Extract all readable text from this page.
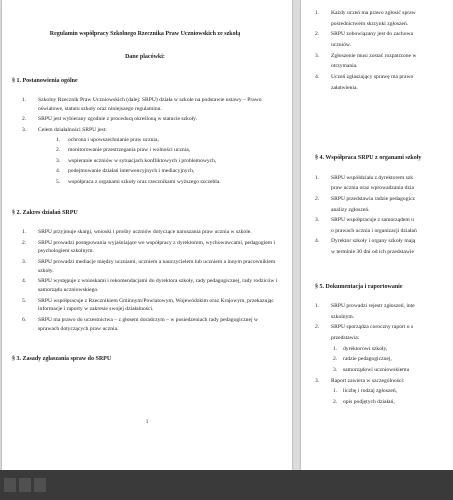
Regulamin współpracy Szkolnego Rzecznika Praw Uczniowskich ze szkołą
Dane placówki:
§ 1. Postanowienia ogólne
1. Szkolny Rzecznik Praw Uczniowskich (dalej: SRPU) działa w szkole na podstawie ustawy – Prawo oświatowe, statutu szkoły oraz niniejszego regulaminu.
2. SRPU jest wybierany zgodnie z procedurą określoną w statucie szkoły.
3. Celem działalności SRPU jest:
1. ochrona i upowszechnianie praw ucznia,
2. monitorowanie przestrzegania praw i wolności ucznia,
3. wspieranie uczniów w sytuacjach konfliktowych i problemowych,
4. podejmowanie działań interwencyjnych i mediacyjnych,
5. współpraca z organami szkoły oraz rzecznikami wyższego szczebla.
§ 2. Zakres działań SRPU
1. SRPU przyjmuje skargi, wnioski i prośby uczniów dotyczące naruszania praw ucznia w szkole.
2. SRPU prowadzi postępowania wyjaśniające we współpracy z dyrektorem, wychowawcami, pedagogiem i psychologiem szkolnym.
3. SRPU prowadzi mediacje między uczniami, uczniem a nauczycielem lub uczniem a innym pracownikiem szkoły.
4. SRPU występuje z wnioskami i rekomendacjami do dyrektora szkoły, rady pedagogicznej, rady rodziców i samorządu uczniowskiego.
5. SRPU współpracuje z Rzecznikiem Gminnym/Powiatowym, Wojewódzkim oraz Krajowym, przekazując informacje i raporty w zakresie swojej działalności.
6. SRPU ma prawo do uczestnictwa – z głosem doradczym – w posiedzeniach rady pedagogicznej w sprawach dotyczących praw ucznia.
§ 3. Zasady zgłaszania spraw do SRPU
1
1. Każdy uczeń ma prawo zgłosić spraw
pośrednictwem skrzynki zgłoszeń.
2. SRPU zobowiązany jest do zachowa
uczniów.
3. Zgłoszenie musi zostać rozpatrzone w
otrzymania.
4. Uczeń zgłaszający sprawę ma prawo
załatwienia.
§ 4. Współpraca SRPU z organami szkoły
1. SRPU współdziała z dyrektorem szk
praw ucznia oraz wprowadzania dzia
2. SRPU przedstawia radzie pedagogicz
analizy zgłoszeń.
3. SRPU współpracuje z samorządem u
o prawach ucznia i organizacji działań
4. Dyrektor szkoły i organy szkoły mają
w terminie 30 dni od ich przedstawie
§ 5. Dokumentacja i raportowanie
1. SRPU prowadzi rejestr zgłoszeń, inte
szkolnym.
2. SRPU sporządza coroczny raport o s
przedstawia:
1. dyrektorowi szkoły,
2. radzie pedagogicznej,
3. samorządowi uczniowskiemu
3. Raport zawiera w szczególności:
1. liczbę i rodzaj zgłoszeń,
2. opis podjętych działań,
